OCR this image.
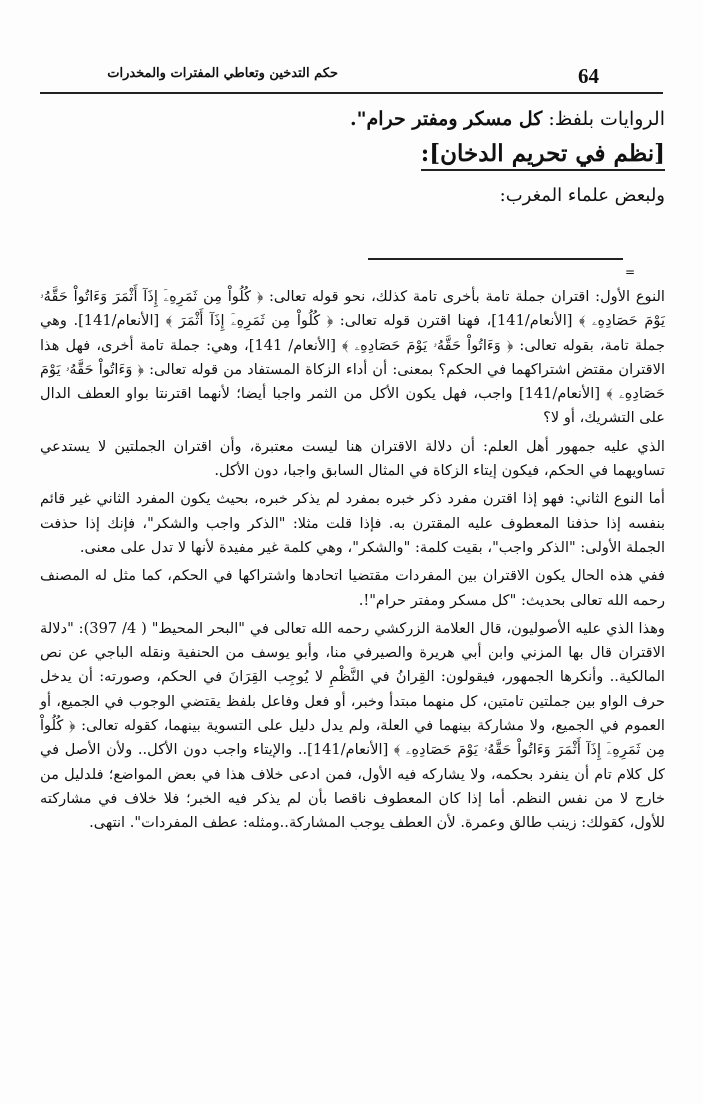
64
حكم التدخين وتعاطي المفترات والمخدرات
الروايات بلفظ: كل مسكر ومفتر حرام".
[نظم في تحريم الدخان]:
ولبعض علماء المغرب:
=

النوع الأول: اقتران جملة تامة بأخرى تامة كذلك، نحو قوله تعالى: ﴿ كُلُواْ مِن ثَمَرِهِۦٓ إِذَآ أَثْمَرَ وَءَاتُواْ حَقَّهُۥ يَوْمَ حَصَادِهِۦ ﴾ [الأنعام/141]، فهنا اقترن قوله تعالى: ﴿ كُلُواْ مِن ثَمَرِهِۦٓ إِذَآ أَثْمَرَ ﴾ [الأنعام/141]. وهي جملة تامة، بقوله تعالى: ﴿ وَءَاتُواْ حَقَّهُۥ يَوْمَ حَصَادِهِۦ ﴾ [الأنعام/ 141]، وهي: جملة تامة أخرى، فهل هذا الاقتران مقتض اشتراكهما في الحكم؟ بمعنى: أن أداء الزكاة المستفاد من قوله تعالى: ﴿ وَءَاتُواْ حَقَّهُۥ يَوْمَ حَصَادِهِۦ ﴾ [الأنعام/141] واجب، فهل يكون الأكل من الثمر واجبا أيضا؛ لأنهما اقترنتا بواو العطف الدال على التشريك، أو لا؟

الذي عليه جمهور أهل العلم: أن دلالة الاقتران هنا ليست معتبرة، وأن اقتران الجملتين لا يستدعي تساويهما في الحكم، فيكون إيتاء الزكاة في المثال السابق واجبا، دون الأكل.

أما النوع الثاني: فهو إذا اقترن مفرد ذكر خبره بمفرد لم يذكر خبره، بحيث يكون المفرد الثاني غير قائم بنفسه إذا حذفنا المعطوف عليه المقترن به. فإذا قلت مثلا: "الذكر واجب والشكر"، فإنك إذا حذفت الجملة الأولى: "الذكر واجب"، بقيت كلمة: "والشكر"، وهي كلمة غير مفيدة لأنها لا تدل على معنى.

ففي هذه الحال يكون الاقتران بين المفردات مقتضيا اتحادها واشتراكها في الحكم، كما مثل له المصنف رحمه الله تعالى بحديث: "كل مسكر ومفتر حرام"!.

وهذا الذي عليه الأصوليون، قال العلامة الزركشي رحمه الله تعالى في "البحر المحيط" ( 4/ 397): "دلالة الاقتران قال بها المزني وابن أبي هريرة والصيرفي منا، وأبو يوسف من الحنفية ونقله الباجي عن نص المالكية.. وأنكرها الجمهور، فيقولون: القِرانُ في النَّظْمِ لا يُوجِب القِرَانَ في الحكم، وصورته: أن يدخل حرف الواو بين جملتين تامتين، كل منهما مبتدأ وخبر، أو فعل وفاعل بلفظ يقتضي الوجوب في الجميع، أو العموم في الجميع، ولا مشاركة بينهما في العلة، ولم يدل دليل على التسوية بينهما، كقوله تعالى: ﴿ كُلُواْ مِن ثَمَرِهِۦٓ إِذَآ أَثْمَرَ وَءَاتُواْ حَقَّهُۥ يَوْمَ حَصَادِهِۦ ﴾ [الأنعام/141].. والإيتاء واجب دون الأكل.. ولأن الأصل في كل كلام تام أن ينفرد بحكمه، ولا يشاركه فيه الأول، فمن ادعى خلاف هذا في بعض المواضع؛ فلدليل من خارج لا من نفس النظم. أما إذا كان المعطوف ناقصا بأن لم يذكر فيه الخبر؛ فلا خلاف في مشاركته للأول، كقولك: زينب طالق وعمرة. لأن العطف يوجب المشاركة..ومثله: عطف المفردات". انتهى.
